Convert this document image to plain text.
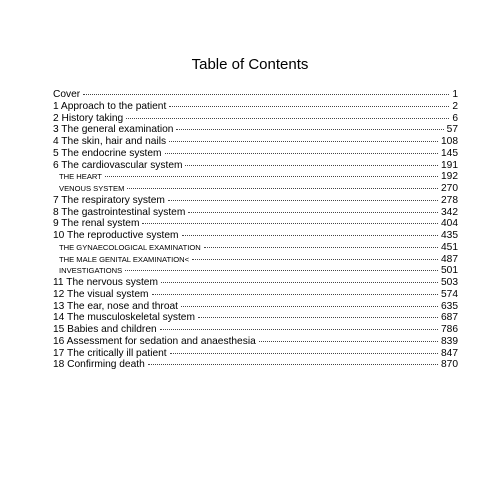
Table of Contents
Cover	1
1 Approach to the patient	2
2 History taking	6
3 The general examination	57
4 The skin, hair and nails	108
5 The endocrine system	145
6 The cardiovascular system	191
THE HEART	192
VENOUS SYSTEM	270
7 The respiratory system	278
8 The gastrointestinal system	342
9 The renal system	404
10 The reproductive system	435
THE GYNAECOLOGICAL EXAMINATION	451
THE MALE GENITAL EXAMINATION<	487
INVESTIGATIONS	501
11 The nervous system	503
12 The visual system	574
13 The ear, nose and throat	635
14 The musculoskeletal system	687
15 Babies and children	786
16 Assessment for sedation and anaesthesia	839
17 The critically ill patient	847
18 Confirming death	870
